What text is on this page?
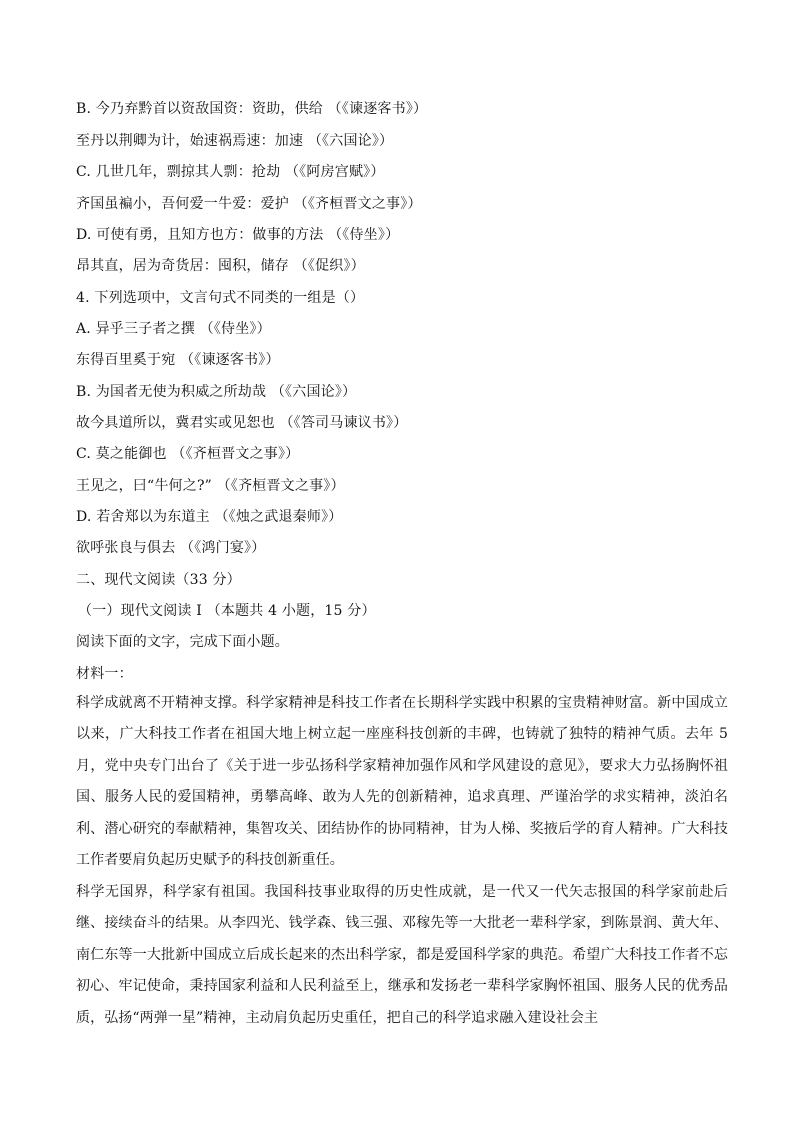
B. 今乃弃黔首以资敌国资：资助，供给 （《谏逐客书》）
至丹以荆卿为计，始速祸焉速：加速 （《六国论》）
C. 几世几年，剽掠其人剽：抢劫 （《阿房宫赋》）
齐国虽褊小，吾何爱一牛爱：爱护 （《齐桓晋文之事》）
D. 可使有勇，且知方也方：做事的方法 （《侍坐》）
昂其直，居为奇货居：囤积，储存 （《促织》）
4. 下列选项中，文言句式不同类的一组是（）
A. 异乎三子者之撰 （《侍坐》）
东得百里奚于宛 （《谏逐客书》）
B. 为国者无使为积威之所劫哉 （《六国论》）
故今具道所以，冀君实或见恕也 （《答司马谏议书》）
C. 莫之能御也 （《齐桓晋文之事》）
王见之，曰“牛何之?” （《齐桓晋文之事》）
D. 若舍郑以为东道主 （《烛之武退秦师》）
欲呼张良与俱去 （《鸿门宴》）
二、现代文阅读（33 分）
（一）现代文阅读 I （本题共 4 小题，15 分）
阅读下面的文字，完成下面小题。
材料一：
科学成就离不开精神支撑。科学家精神是科技工作者在长期科学实践中积累的宝贵精神财富。新中国成立以来，广大科技工作者在祖国大地上树立起一座座科技创新的丰碑，也铸就了独特的精神气质。去年 5 月，党中央专门出台了《关于进一步弘扬科学家精神加强作风和学风建设的意见》，要求大力弘扬胸怀祖国、服务人民的爱国精神，勇攀高峰、敢为人先的创新精神，追求真理、严谨治学的求实精神，淡泊名利、潜心研究的奉献精神，集智攻关、团结协作的协同精神，甘为人梯、奖掖后学的育人精神。广大科技工作者要肩负起历史赋予的科技创新重任。
科学无国界，科学家有祖国。我国科技事业取得的历史性成就，是一代又一代矢志报国的科学家前赴后继、接续奋斗的结果。从李四光、钱学森、钱三强、邓稼先等一大批老一辈科学家，到陈景润、黄大年、南仁东等一大批新中国成立后成长起来的杰出科学家，都是爱国科学家的典范。希望广大科技工作者不忘初心、牢记使命，秉持国家利益和人民利益至上，继承和发扬老一辈科学家胸怀祖国、服务人民的优秀品质，弘扬“两弹一星”精神，主动肩负起历史重任，把自己的科学追求融入建设社会主
